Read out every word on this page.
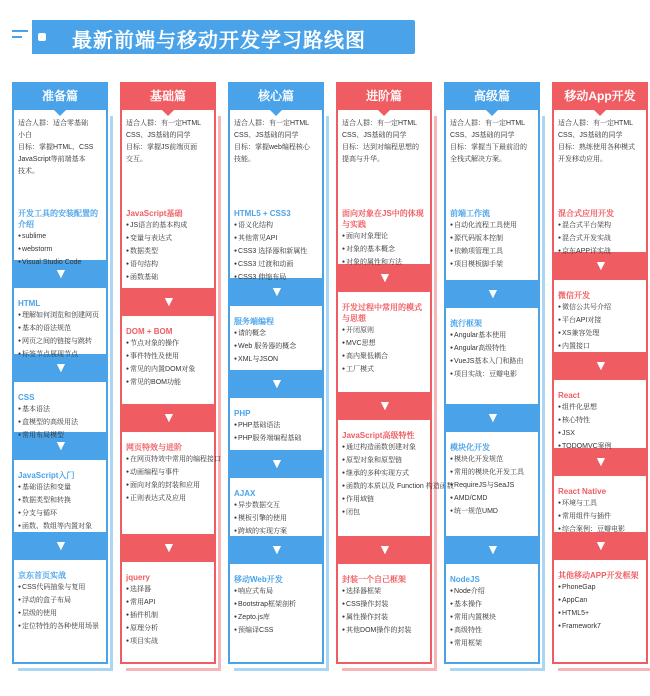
最新前端与移动开发学习路线图
准备篇
适合人群：适合零基础
小白
目标：掌握HTML、CSS
JavaScript等前端基本
技术。
▼
▼
▼
▼
开发工具的安装配置的介绍
● sublime
● webstorm
● Visual Studio Code
HTML
● 理解如何浏览和创建网页
● 基本的语法规范
● 网页之间的链接与跳转
● 标签节点展现节点
CSS
● 基本语法
● 盒模型的高级用法
● 常用布局模型
JavaScript入门
● 基础语法和变量
● 数据类型和转换
● 分支与循环
● 函数、数组等内置对象
京东首页实战
● CSS代码抽象与复用
● 浮动的盒子布局
● 层级的使用
● 定位特性的各种使用场景
基础篇
适合人群：有一定HTML
CSS、JS基础的同学
目标：掌握JS前端页面
交互。
▼
▼
▼
JavaScript基础
● JS语言的基本构成
● 变量与表达式
● 数据类型
● 语句结构
● 函数基础
DOM + BOM
● 节点对象的操作
● 事件特性及使用
● 常见的内置DOM对象
● 常见的BOM功能
网页特效与进阶
● 在网页特效中常用的编程接口
● 动画编程与事件
● 面向对象的封装和应用
● 正则表达式及应用
jquery
● 选择器
● 常用API
● 插件机制
● 原理分析
● 项目实战
核心篇
适合人群：有一定HTML
CSS、JS基础的同学
目标：掌握web编程核心
技能。
▼
▼
▼
▼
HTML5 + CSS3
● 语义化结构
● 其他常见API
● CSS3 选择器和新属性
● CSS3 过渡和动画
● CSS3 伸缩布局
服务端编程
● 请的概念
● Web 服务器的概念
● XML与JSON
PHP
● PHP基础语法
● PHP服务端编程基础
AJAX
● 异步数据交互
● 模板引擎的使用
● 跨域的实现方案
移动Web开发
● 响应式布局
● Bootstrap框架剖析
● Zepto.js库
● 预编译CSS
进阶篇
适合人群：有一定HTML
CSS、JS基础的同学
目标：达到对编程思想的
提高与升华。
▼
▼
▼
面向对象在JS中的体现与实践
● 面向对象理论
● 对象的基本概念
● 对象的属性和方法
开发过程中常用的模式与思想
● 开闭原则
● MVC思想
● 高内聚低耦合
● 工厂模式
JavaScript高级特性
● 通过构造函数创建对象
● 原型对象和原型链
● 继承的多种实现方式
● 函数的本质以及 Function 构造函数
● 作用域链
● 闭包
封装一个自己框架
● 选择器框架
● CSS操作封装
● 属性操作封装
● 其他DOM操作的封装
高级篇
适合人群：有一定HTML
CSS、JS基础的同学
目标：掌握当下最前沿的
全栈式解决方案。
▼
▼
▼
前端工作流
● 自动化流程工具使用
● 源代码版本控制
● 依赖项管理工具
● 项目模板脚手架
流行框架
● Angular基本使用
● Angular高级特性
● VueJS基本入门和路由
● 项目实战：豆瓣电影
模块化开发
● 模块化开发规范
● 常用的模块化开发工具
● RequireJS与SeaJS
● AMD/CMD
● 统一规范UMD
NodeJS
● Node介绍
● 基本操作
● 常用内置模块
● 高级特性
● 常用框架
移动App开发
适合人群：有一定HTML
CSS、JS基础的同学
目标：熟练使用各种模式
开发移动应用。
▼
▼
▼
▼
混合式应用开发
● 混合式平台架构
● 混合式开发实战
● 京东APP详实战
微信开发
● 微信公共号介绍
● 平台API对接
● XS兼容处理
● 内置接口
React
● 组件化思想
● 核心特性
● JSX
● TODOMVC案例
React Native
● 环境与工具
● 常用组件与插件
● 综合案例：豆瓣电影
其他移动APP开发框架
● PhoneGap
● AppCan
● HTML5+
● Framework7
